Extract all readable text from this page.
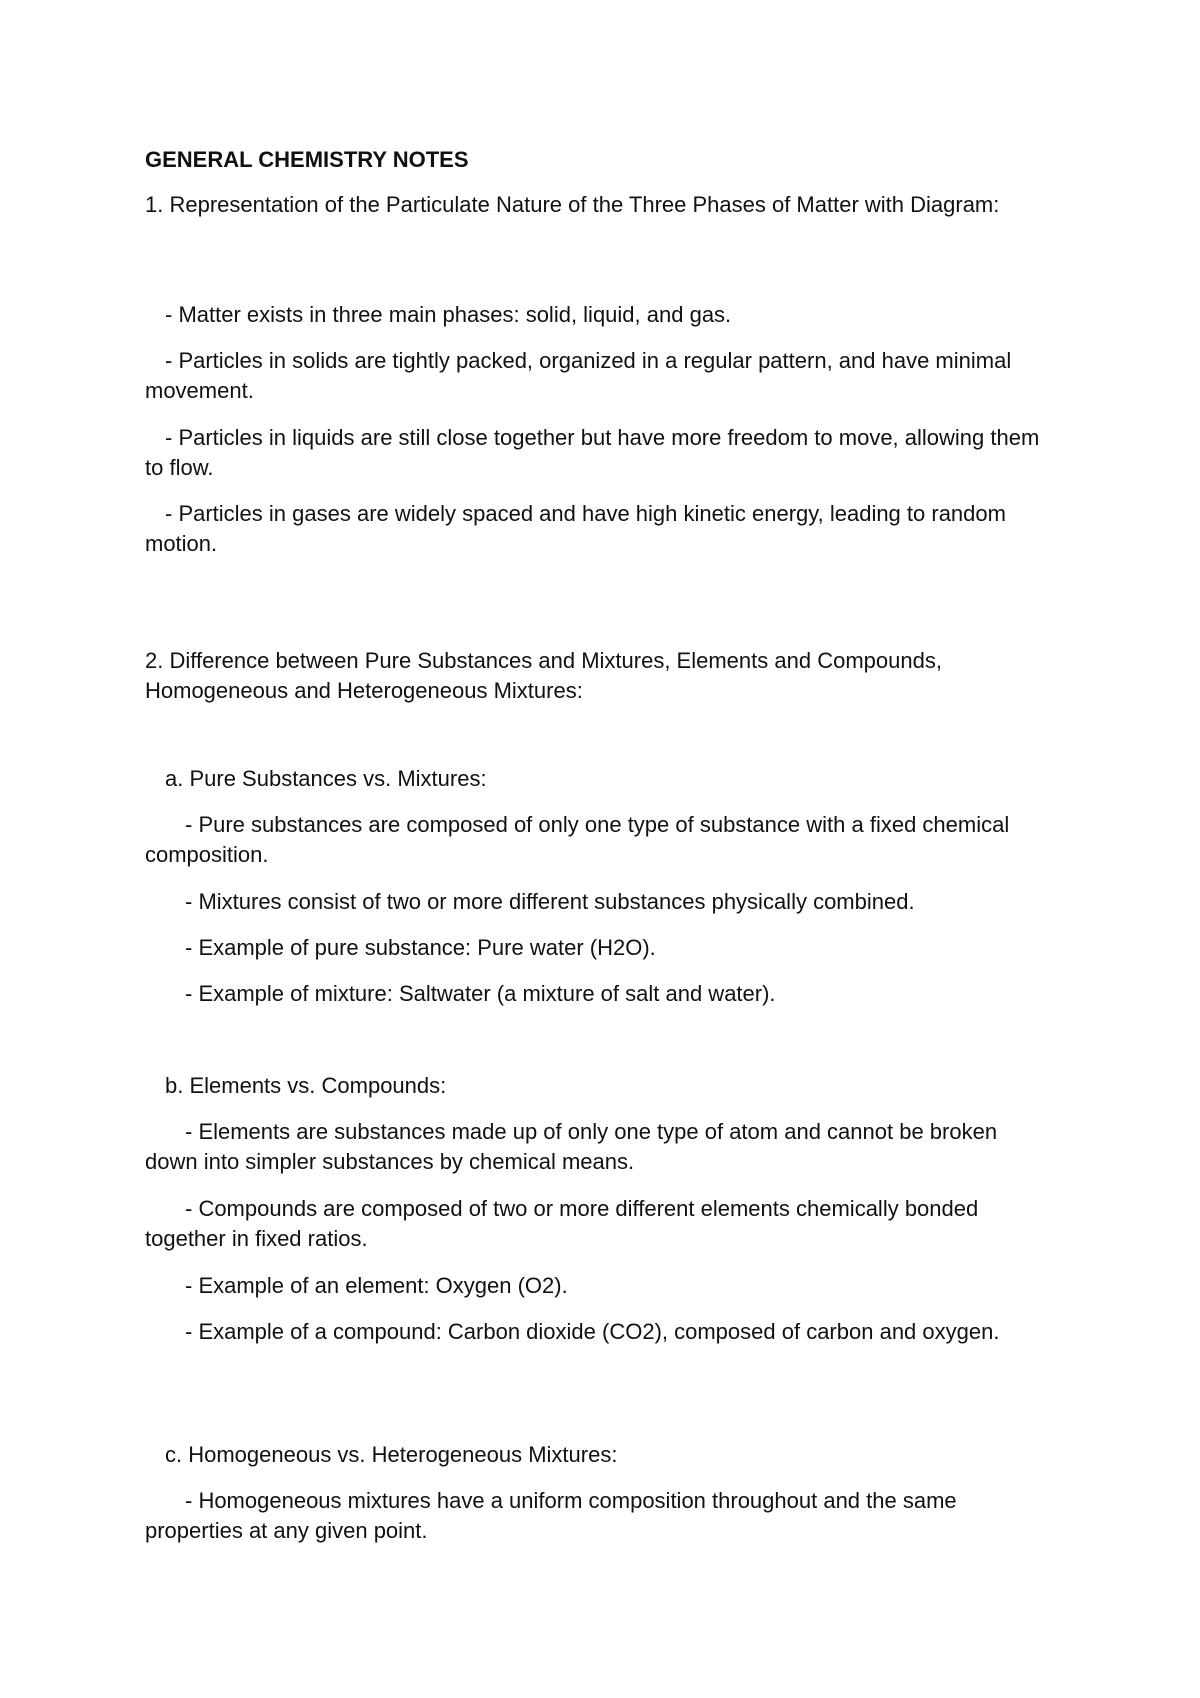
GENERAL CHEMISTRY NOTES
1. Representation of the Particulate Nature of the Three Phases of Matter with Diagram:
- Matter exists in three main phases: solid, liquid, and gas.
- Particles in solids are tightly packed, organized in a regular pattern, and have minimal movement.
- Particles in liquids are still close together but have more freedom to move, allowing them to flow.
- Particles in gases are widely spaced and have high kinetic energy, leading to random motion.
2. Difference between Pure Substances and Mixtures, Elements and Compounds, Homogeneous and Heterogeneous Mixtures:
a. Pure Substances vs. Mixtures:
- Pure substances are composed of only one type of substance with a fixed chemical composition.
- Mixtures consist of two or more different substances physically combined.
- Example of pure substance: Pure water (H2O).
- Example of mixture: Saltwater (a mixture of salt and water).
b. Elements vs. Compounds:
- Elements are substances made up of only one type of atom and cannot be broken down into simpler substances by chemical means.
- Compounds are composed of two or more different elements chemically bonded together in fixed ratios.
- Example of an element: Oxygen (O2).
- Example of a compound: Carbon dioxide (CO2), composed of carbon and oxygen.
c. Homogeneous vs. Heterogeneous Mixtures:
- Homogeneous mixtures have a uniform composition throughout and the same properties at any given point.
